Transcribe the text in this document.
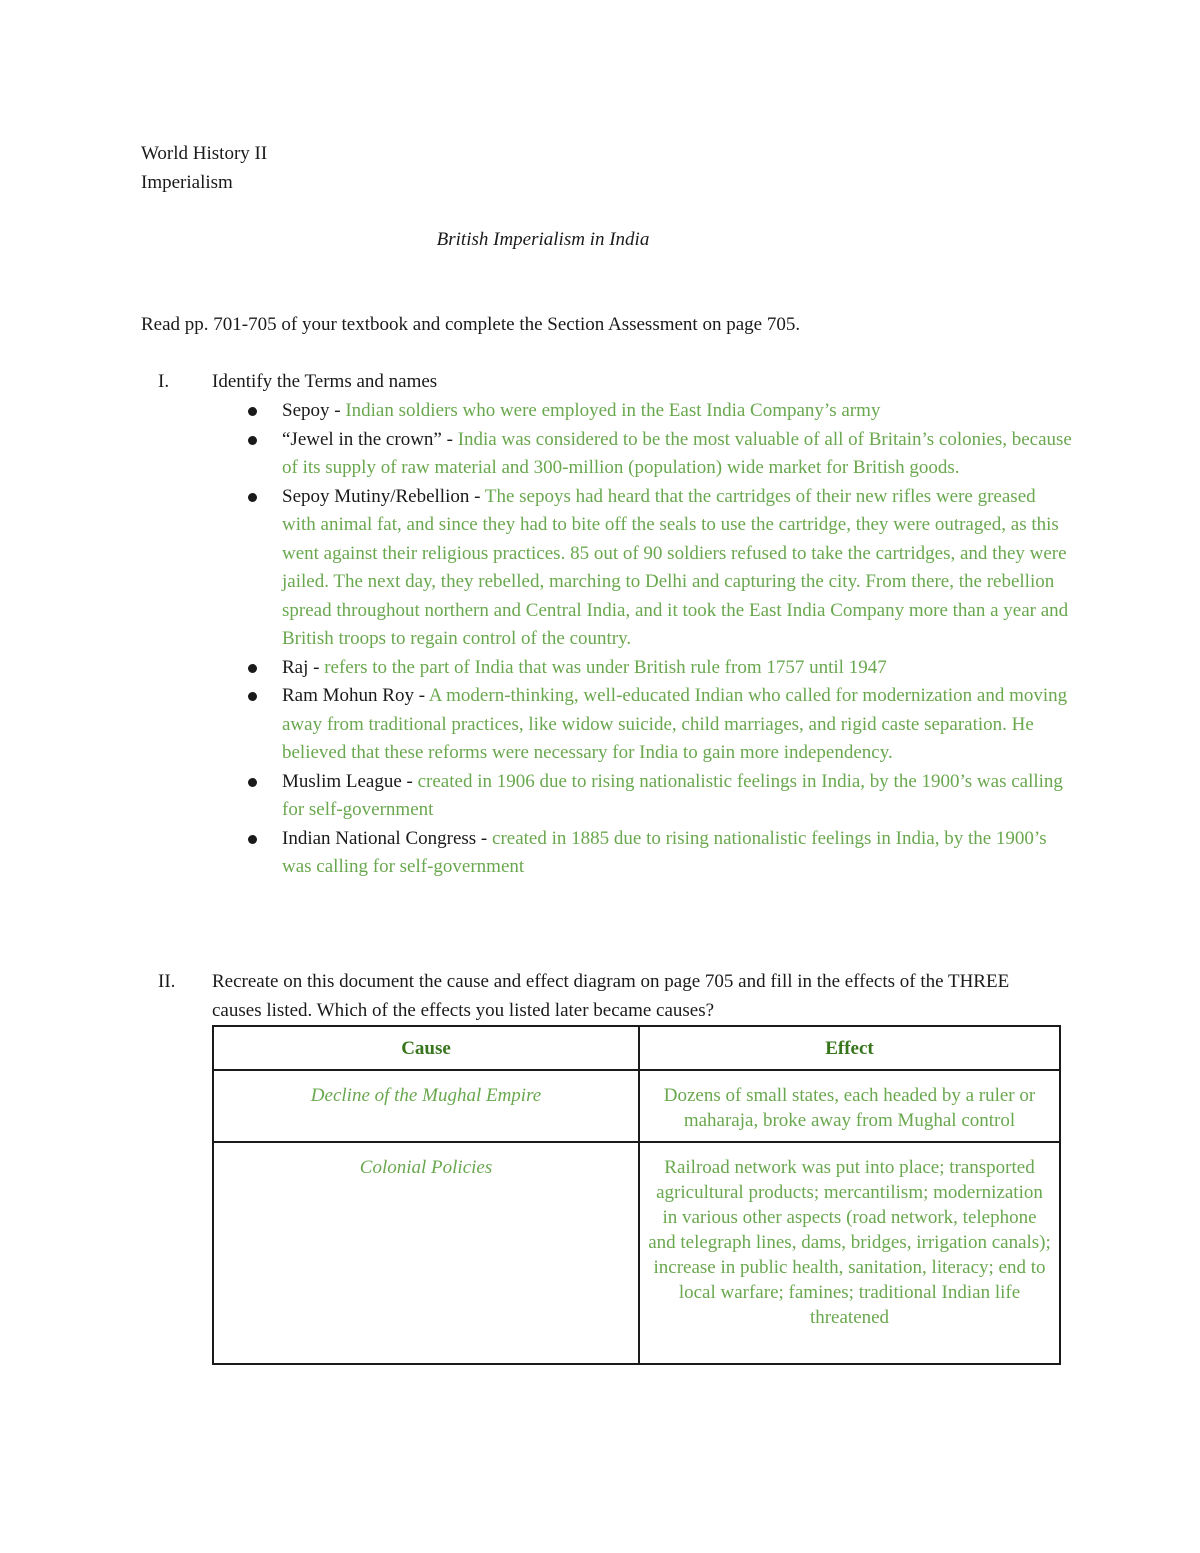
World History II
Imperialism
British Imperialism in India
Read pp. 701-705 of your textbook and complete the Section Assessment on page 705.
I. Identify the Terms and names
Sepoy - Indian soldiers who were employed in the East India Company’s army
“Jewel in the crown” - India was considered to be the most valuable of all of Britain’s colonies, because of its supply of raw material and 300-million (population) wide market for British goods.
Sepoy Mutiny/Rebellion - The sepoys had heard that the cartridges of their new rifles were greased with animal fat, and since they had to bite off the seals to use the cartridge, they were outraged, as this went against their religious practices. 85 out of 90 soldiers refused to take the cartridges, and they were jailed. The next day, they rebelled, marching to Delhi and capturing the city. From there, the rebellion spread throughout northern and Central India, and it took the East India Company more than a year and British troops to regain control of the country.
Raj - refers to the part of India that was under British rule from 1757 until 1947
Ram Mohun Roy - A modern-thinking, well-educated Indian who called for modernization and moving away from traditional practices, like widow suicide, child marriages, and rigid caste separation. He believed that these reforms were necessary for India to gain more independency.
Muslim League - created in 1906 due to rising nationalistic feelings in India, by the 1900’s was calling for self-government
Indian National Congress - created in 1885 due to rising nationalistic feelings in India, by the 1900’s was calling for self-government
II. Recreate on this document the cause and effect diagram on page 705 and fill in the effects of the THREE causes listed. Which of the effects you listed later became causes?
Cause	Effect
Decline of the Mughal Empire	Dozens of small states, each headed by a ruler or maharaja, broke away from Mughal control
Colonial Policies	Railroad network was put into place; transported agricultural products; mercantilism; modernization in various other aspects (road network, telephone and telegraph lines, dams, bridges, irrigation canals); increase in public health, sanitation, literacy; end to local warfare; famines; traditional Indian life threatened
